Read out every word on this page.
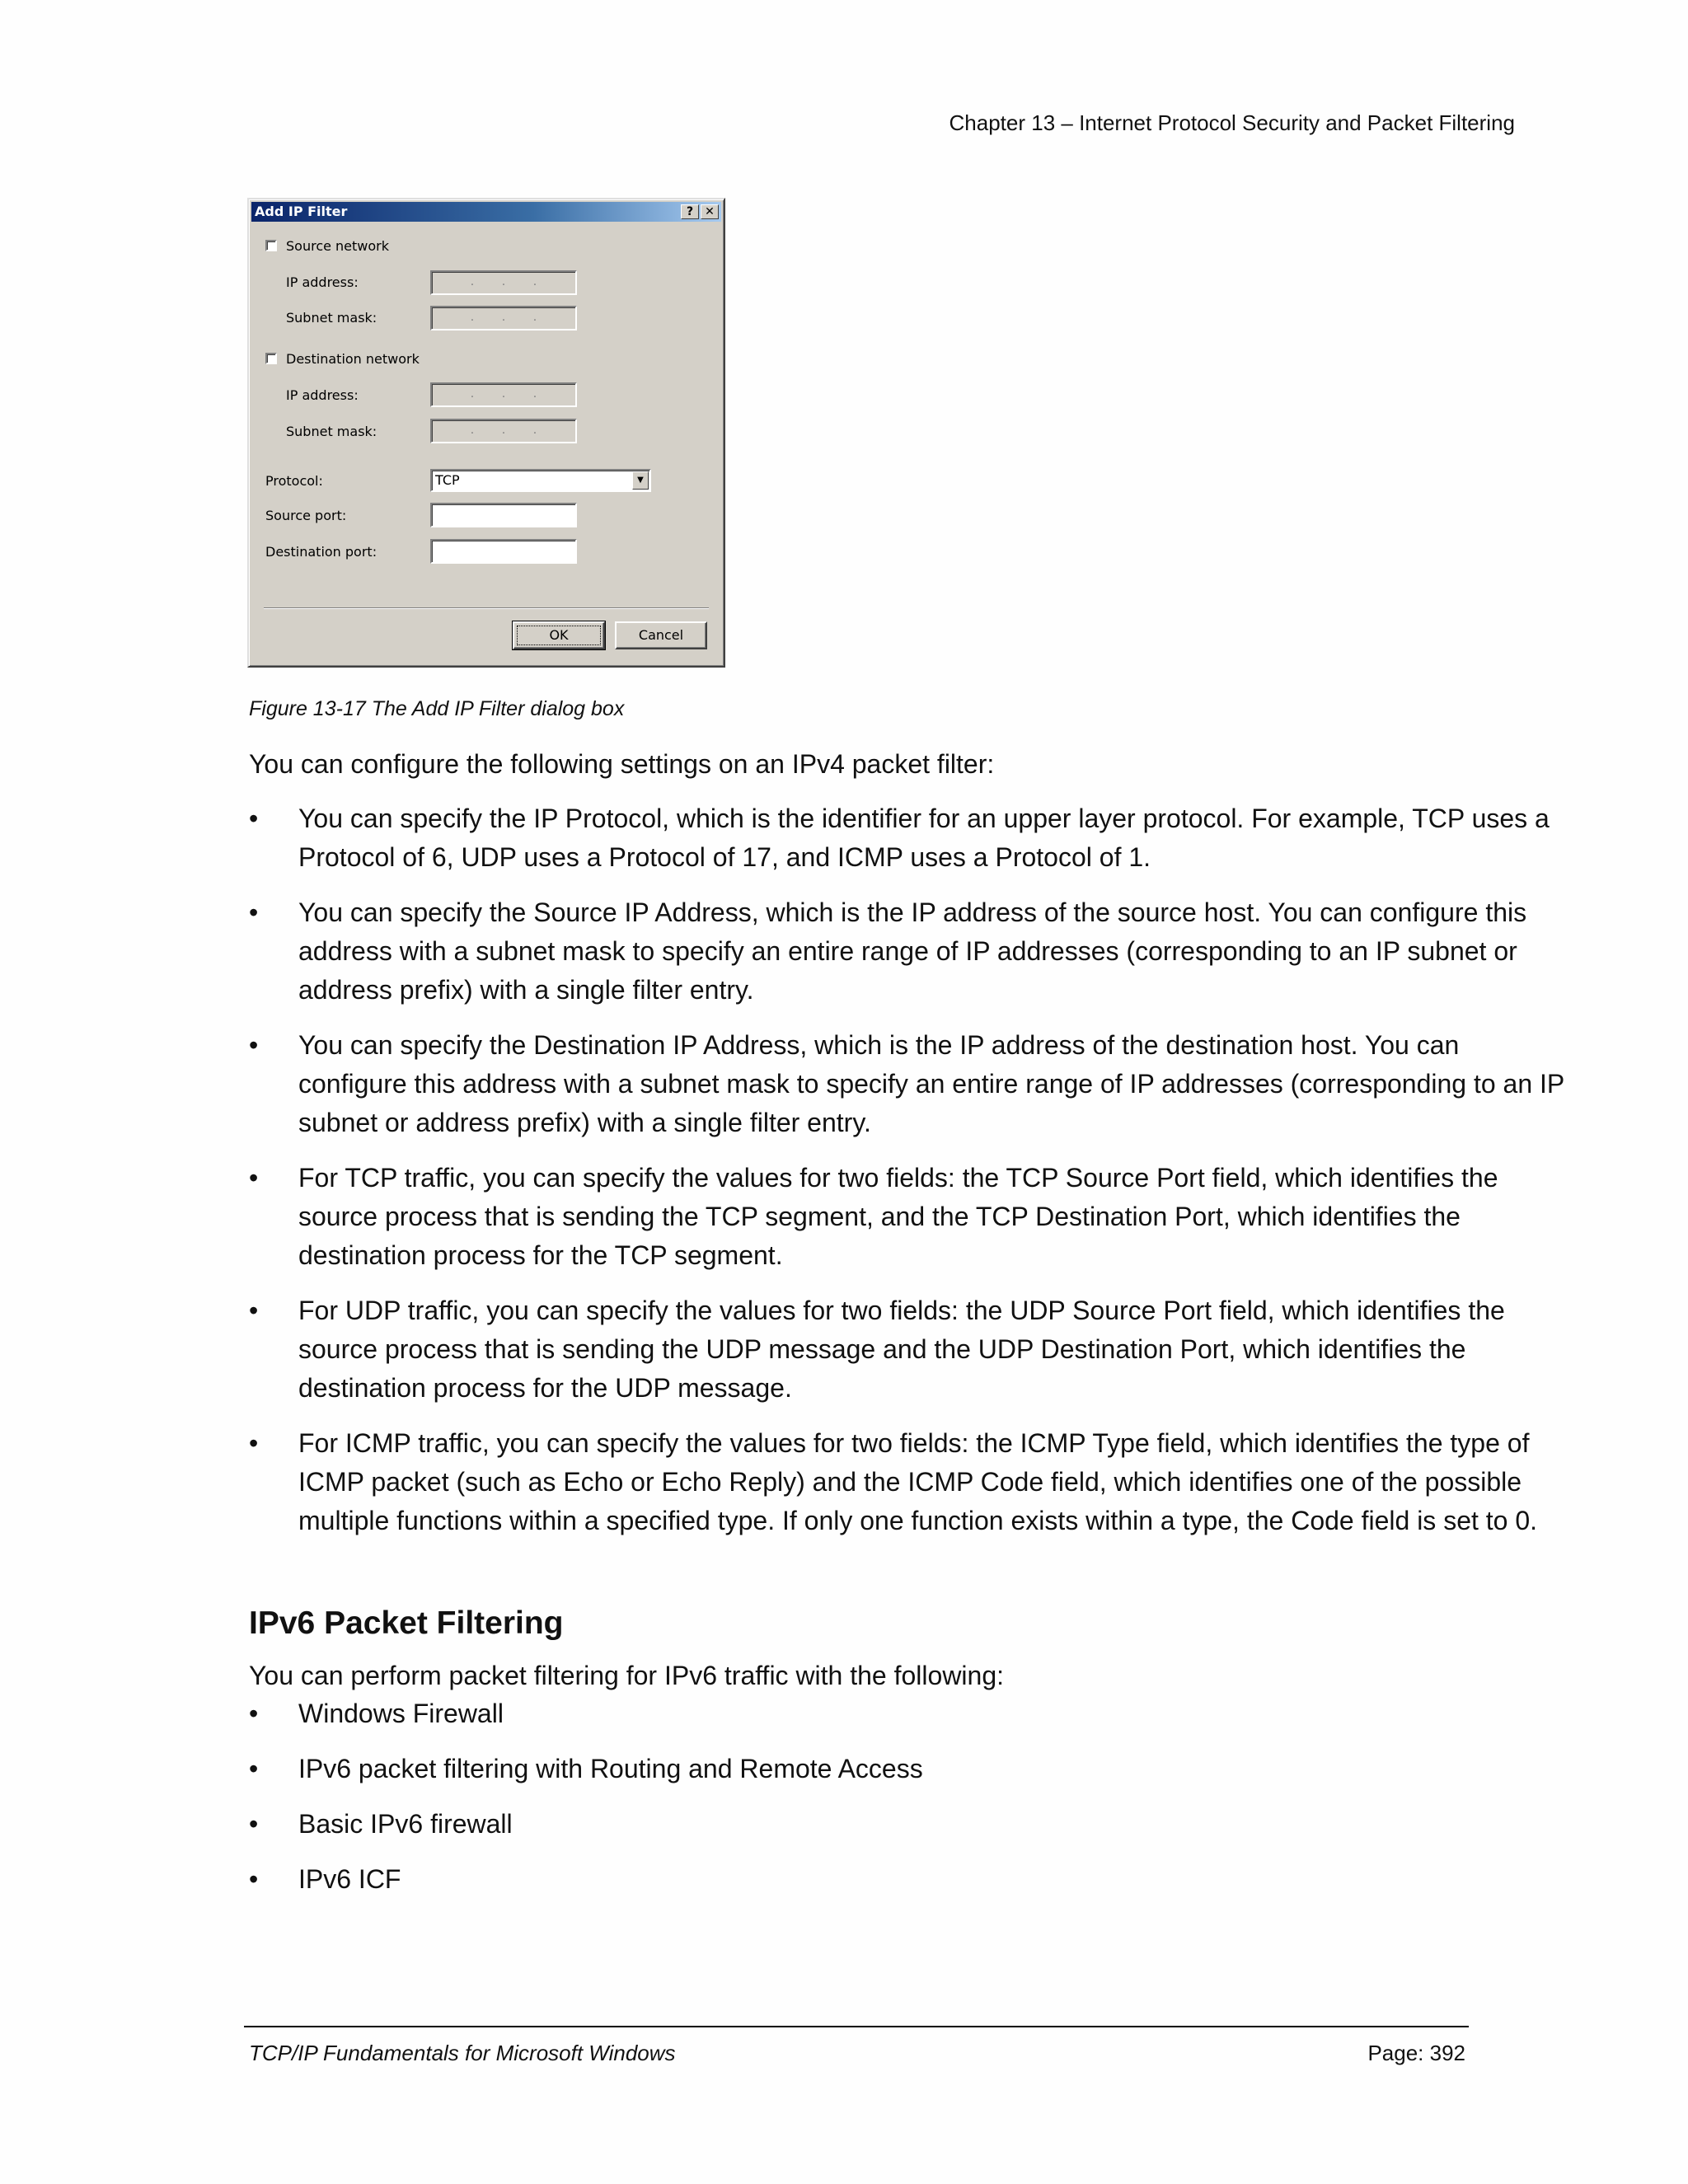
Chapter 13 – Internet Protocol Security and Packet Filtering
Add IP Filter	?	✕
Source network
IP address:	. . .
Subnet mask:	. . .
Destination network
IP address:	. . .
Subnet mask:	. . .
Protocol:	TCP	▼
Source port:
Destination port:
OK	Cancel
Figure 13-17 The Add IP Filter dialog box
You can configure the following settings on an IPv4 packet filter:
• You can specify the IP Protocol, which is the identifier for an upper layer protocol. For example, TCP uses a Protocol of 6, UDP uses a Protocol of 17, and ICMP uses a Protocol of 1.
• You can specify the Source IP Address, which is the IP address of the source host. You can configure this address with a subnet mask to specify an entire range of IP addresses (corresponding to an IP subnet or address prefix) with a single filter entry.
• You can specify the Destination IP Address, which is the IP address of the destination host. You can configure this address with a subnet mask to specify an entire range of IP addresses (corresponding to an IP subnet or address prefix) with a single filter entry.
• For TCP traffic, you can specify the values for two fields: the TCP Source Port field, which identifies the source process that is sending the TCP segment, and the TCP Destination Port, which identifies the destination process for the TCP segment.
• For UDP traffic, you can specify the values for two fields: the UDP Source Port field, which identifies the source process that is sending the UDP message and the UDP Destination Port, which identifies the destination process for the UDP message.
• For ICMP traffic, you can specify the values for two fields: the ICMP Type field, which identifies the type of ICMP packet (such as Echo or Echo Reply) and the ICMP Code field, which identifies one of the possible multiple functions within a specified type. If only one function exists within a type, the Code field is set to 0.
IPv6 Packet Filtering
You can perform packet filtering for IPv6 traffic with the following:
• Windows Firewall
• IPv6 packet filtering with Routing and Remote Access
• Basic IPv6 firewall
• IPv6 ICF
TCP/IP Fundamentals for Microsoft Windows	Page: 392
